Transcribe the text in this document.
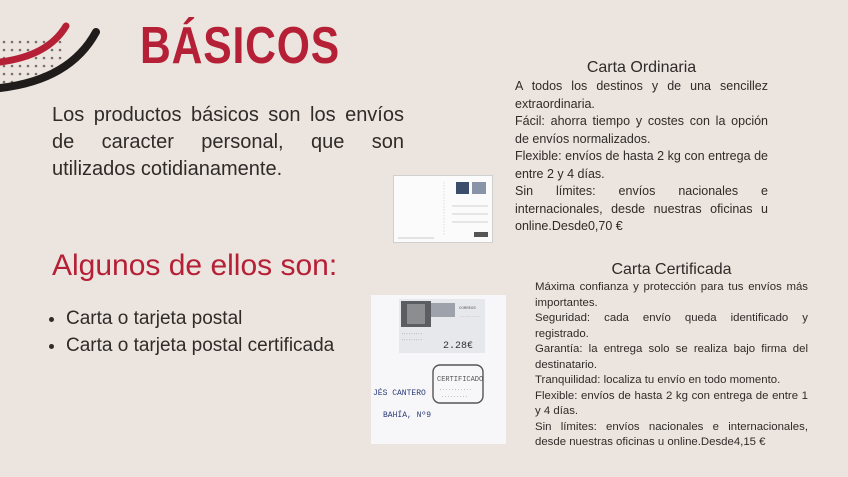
BÁSICOS
Los productos básicos son los envíos de caracter personal, que son utilizados cotidianamente.
Algunos de ellos son:
• Carta o tarjeta postal
• Carta o tarjeta postal certificada
CORREOS
············
·········
········· 2.28€
CERTIFICADO
···········
·········
JÉS CANTERO
BAHÍA, Nº9
Carta Ordinaria

A todos los destinos y de una sencillez extraordinaria.

Fácil: ahorra tiempo y costes con la opción de envíos normalizados.

Flexible: envíos de hasta 2 kg con entrega de entre 2 y 4 días.

Sin límites: envíos nacionales e internacionales, desde nuestras oficinas u online.Desde0,70 €

Carta Certificada

Máxima confianza y protección para tus envíos más importantes.

Seguridad: cada envío queda identificado y registrado.

Garantía: la entrega solo se realiza bajo firma del destinatario.

Tranquilidad: localiza tu envío en todo momento.

Flexible: envíos de hasta 2 kg con entrega de entre 1 y 4 días.

Sin límites: envíos nacionales e internacionales, desde nuestras oficinas u online.Desde4,15 €
